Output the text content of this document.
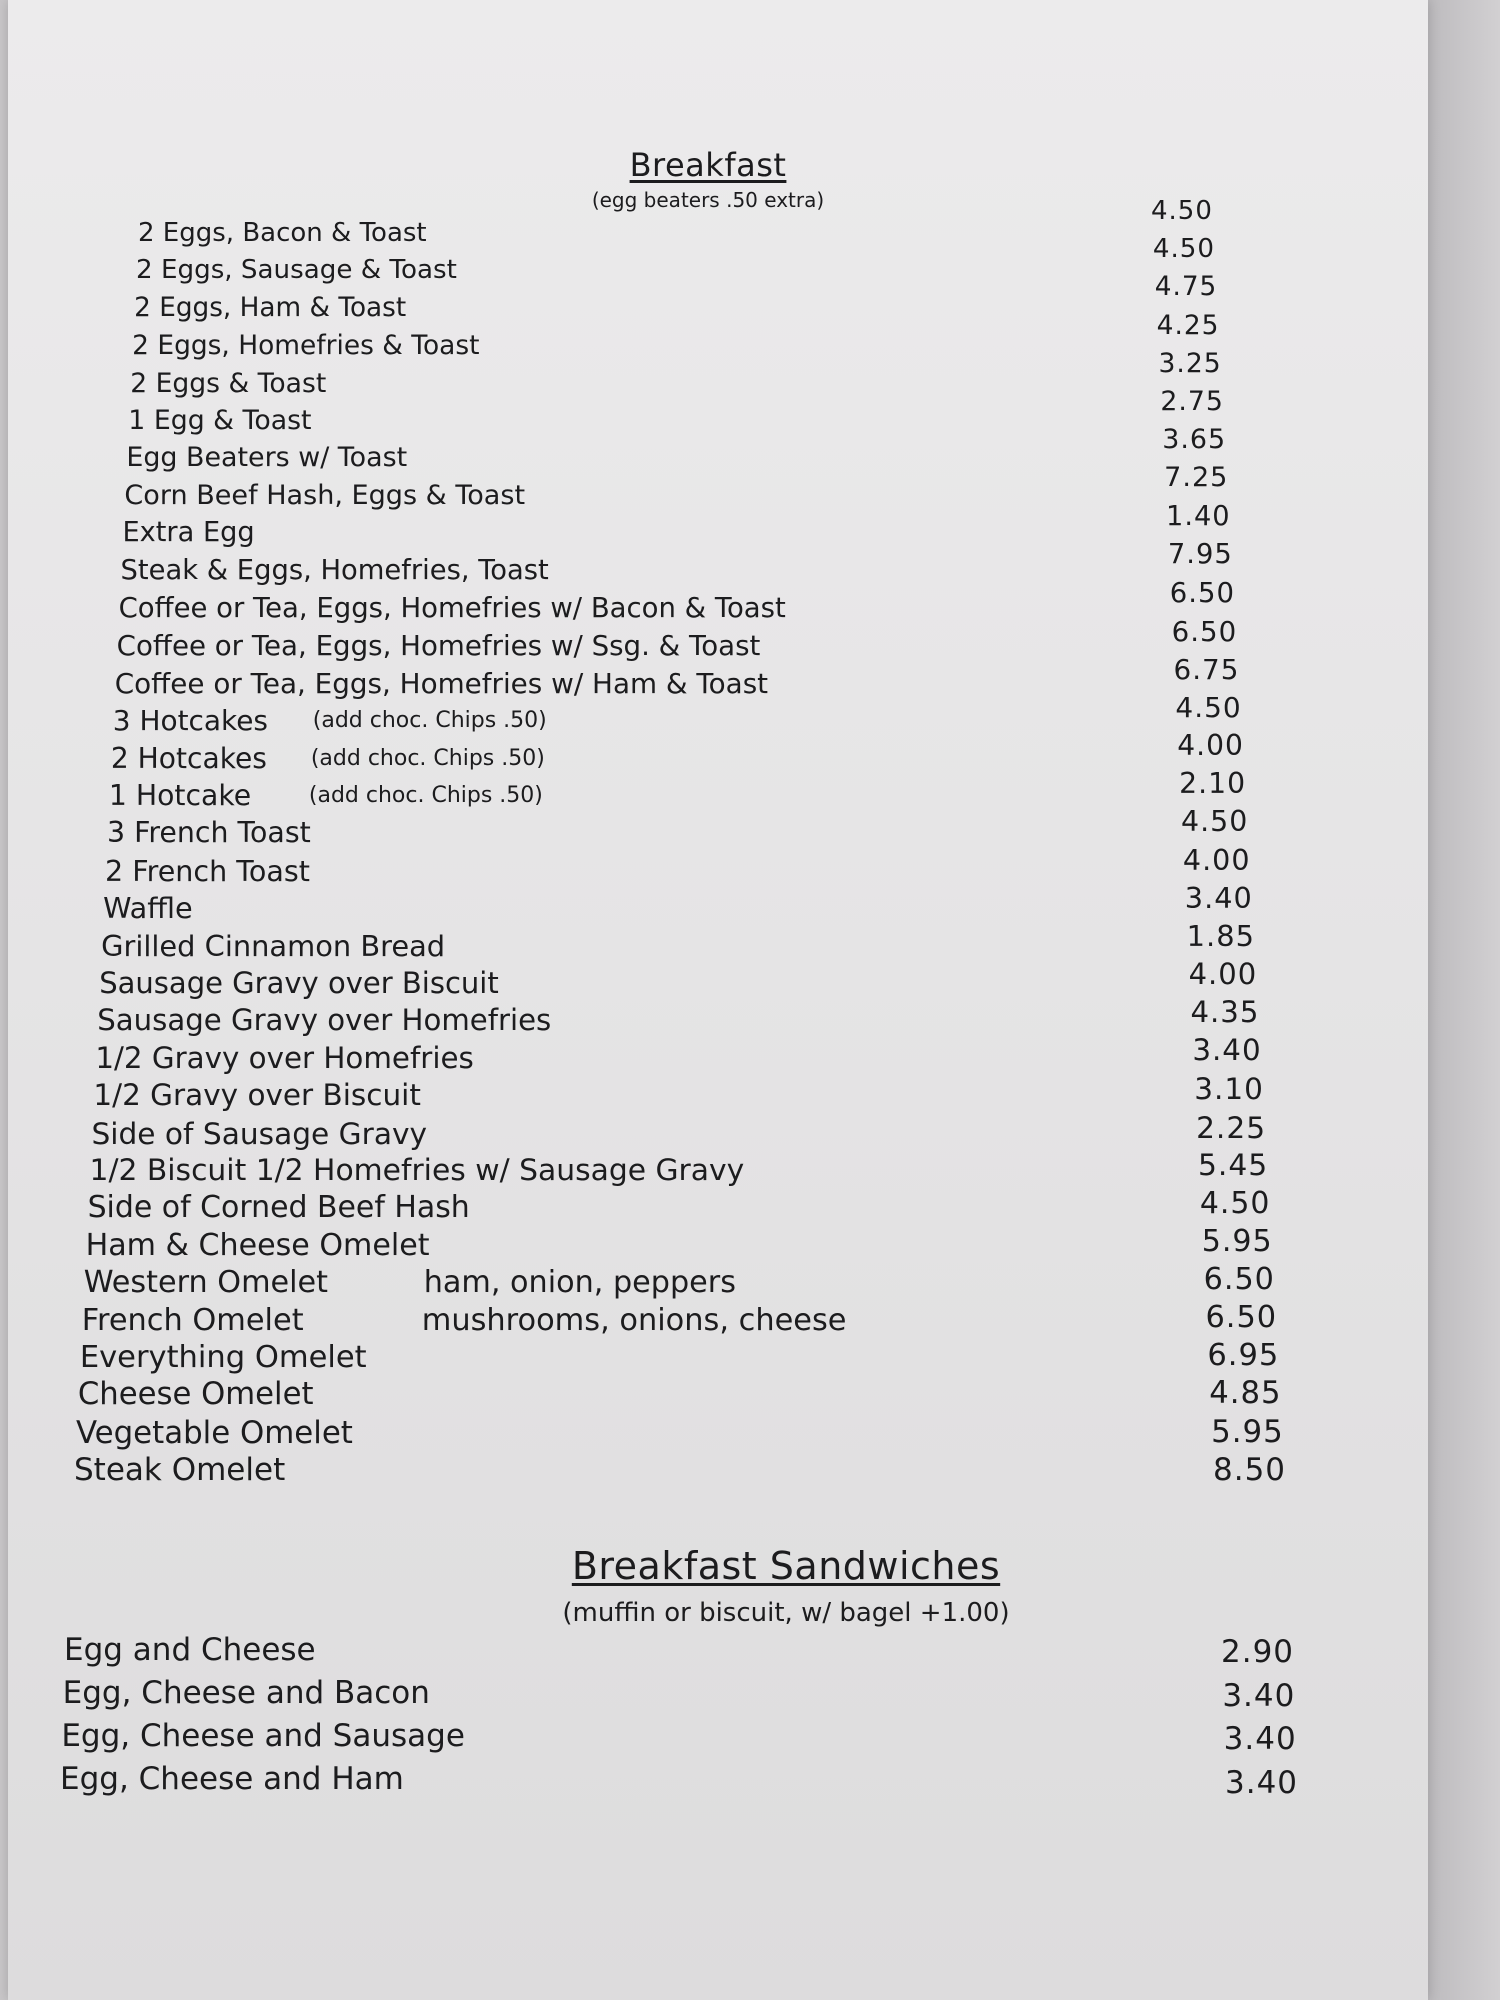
Breakfast
(egg beaters .50 extra)
2 Eggs, Bacon & Toast
4.50
2 Eggs, Sausage & Toast
4.50
2 Eggs, Ham & Toast
4.75
2 Eggs, Homefries & Toast
4.25
2 Eggs & Toast
3.25
1 Egg & Toast
2.75
Egg Beaters w/ Toast
3.65
Corn Beef Hash, Eggs & Toast
7.25
Extra Egg
1.40
Steak & Eggs, Homefries, Toast
7.95
Coffee or Tea, Eggs, Homefries w/ Bacon & Toast	6.50
Coffee or Tea, Eggs, Homefries w/ Ssg. & Toast	6.50
Coffee or Tea, Eggs, Homefries w/ Ham & Toast	6.75
3 Hotcakes (add choc. Chips .50)	4.50
2 Hotcakes (add choc. Chips .50)	4.00
1 Hotcake	(add choc. Chips .50)	2.10
3 French Toast	4.50
2 French Toast	4.00
Waffle	3.40
Grilled Cinnamon Bread	1.85
Sausage Gravy over Biscuit	4.00
Sausage Gravy over Homefries	4.35
1/2 Gravy over Homefries	3.40
1/2 Gravy over Biscuit	3.10
Side of Sausage Gravy	2.25
1/2 Biscuit 1/2 Homefries w/ Sausage Gravy	5.45
Side of Corned Beef Hash	4.50
Ham & Cheese Omelet	5.95
Western Omelet	ham, onion, peppers	6.50
French Omelet	mushrooms, onions, cheese	6.50
Everything Omelet	6.95
Cheese Omelet	4.85
Vegetable Omelet	5.95
Steak Omelet	8.50
Breakfast Sandwiches
(muffin or biscuit, w/ bagel +1.00)
Egg and Cheese	2.90
Egg, Cheese and Bacon	3.40
Egg, Cheese and Sausage	3.40
Egg, Cheese and Ham	3.40
